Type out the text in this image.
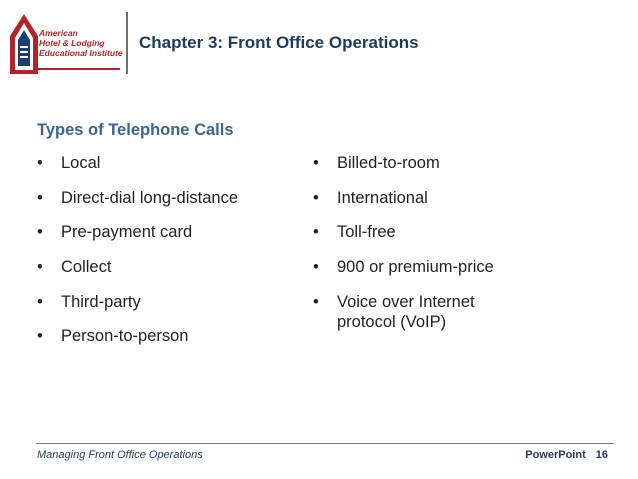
American
Hotel & Lodging
Educational Institute
Chapter 3: Front Office Operations
Types of Telephone Calls
• Local
• Direct-dial long-distance
• Pre-payment card
• Collect
• Third-party
• Person-to-person
• Billed-to-room
• International
• Toll-free
• 900 or premium-price
• Voice over Internet protocol (VoIP)
Managing Front Office Operations	PowerPoint 16
